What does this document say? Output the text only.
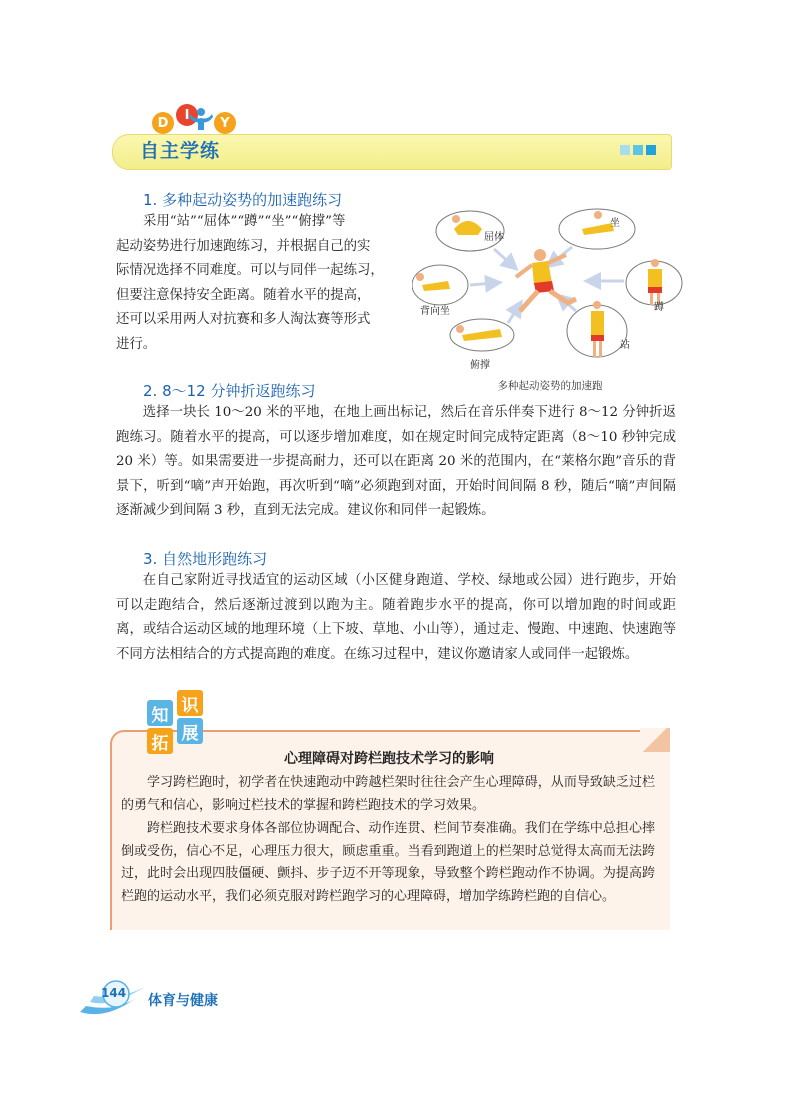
D
I
Y
自主学练
1. 多种起动姿势的加速跑练习
采用“站”“屈体”“蹲”“坐”“俯撑”等
起动姿势进行加速跑练习，并根据自己的实
际情况选择不同难度。可以与同伴一起练习，
但要注意保持安全距离。随着水平的提高，
还可以采用两人对抗赛和多人淘汰赛等形式
进行。
屈体
坐
背向坐	蹲
站
俯撑
多种起动姿势的加速跑
2. 8～12 分钟折返跑练习
选择一块长 10～20 米的平地，在地上画出标记，然后在音乐伴奏下进行 8～12 分钟折返跑练习。随着水平的提高，可以逐步增加难度，如在规定时间完成特定距离（8～10 秒钟完成 20 米）等。如果需要进一步提高耐力，还可以在距离 20 米的范围内，在“莱格尔跑”音乐的背景下，听到“嘀”声开始跑，再次听到“嘀”必须跑到对面，开始时间间隔 8 秒，随后“嘀”声间隔逐渐减少到间隔 3 秒，直到无法完成。建议你和同伴一起锻炼。
3. 自然地形跑练习
在自己家附近寻找适宜的运动区域（小区健身跑道、学校、绿地或公园）进行跑步，开始可以走跑结合，然后逐渐过渡到以跑为主。随着跑步水平的提高，你可以增加跑的时间或距离，或结合运动区域的地理环境（上下坡、草地、小山等），通过走、慢跑、中速跑、快速跑等不同方法相结合的方式提高跑的难度。在练习过程中，建议你邀请家人或同伴一起锻炼。
知 识
拓 展
心理障碍对跨栏跑技术学习的影响
学习跨栏跑时，初学者在快速跑动中跨越栏架时往往会产生心理障碍，从而导致缺乏过栏的勇气和信心，影响过栏技术的掌握和跨栏跑技术的学习效果。
跨栏跑技术要求身体各部位协调配合、动作连贯、栏间节奏准确。我们在学练中总担心摔倒或受伤，信心不足，心理压力很大，顾虑重重。当看到跑道上的栏架时总觉得太高而无法跨过，此时会出现四肢僵硬、颤抖、步子迈不开等现象，导致整个跨栏跑动作不协调。为提高跨栏跑的运动水平，我们必须克服对跨栏跑学习的心理障碍，增加学练跨栏跑的自信心。
144 体育与健康
